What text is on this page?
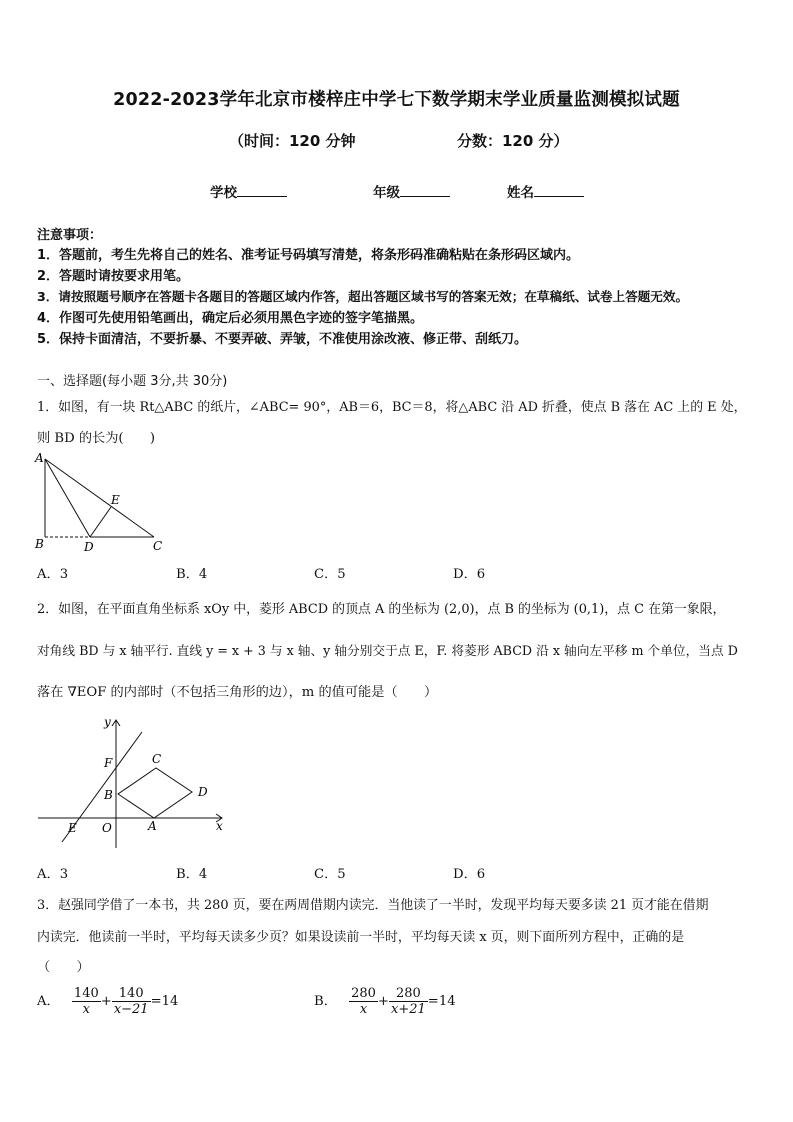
2022-2023学年北京市楼梓庄中学七下数学期末学业质量监测模拟试题
（时间：120 分钟	分数：120 分）
学校	年级	姓名
注意事项：
1．答题前，考生先将自己的姓名、准考证号码填写清楚，将条形码准确粘贴在条形码区域内。
2．答题时请按要求用笔。
3．请按照题号顺序在答题卡各题目的答题区域内作答，超出答题区域书写的答案无效；在草稿纸、试卷上答题无效。
4．作图可先使用铅笔画出，确定后必须用黑色字迹的签字笔描黑。
5．保持卡面清洁，不要折暴、不要弄破、弄皱，不准使用涂改液、修正带、刮纸刀。
一、选择题(每小题 3分,共 30分)
1．如图，有一块 Rt△ABC 的纸片，∠ABC= 90°，AB＝6，BC＝8，将△ABC 沿 AD 折叠，使点 B 落在 AC 上的 E 处，
则 BD 的长为(　　)
A
B	D	C
E
A．3	B．4	C．5	D．6
2．如图，在平面直角坐标系 xOy 中，菱形 ABCD 的顶点 A 的坐标为 (2,0)，点 B 的坐标为 (0,1)，点 C 在第一象限，
对角线 BD 与 x 轴平行. 直线 y = x + 3 与 x 轴、y 轴分别交于点 E，F. 将菱形 ABCD 沿 x 轴向左平移 m 个单位，当点 D
落在 ∇EOF 的内部时（不包括三角形的边），m 的值可能是（　　）
y
x
F	C
B	D
E O	A
A．3	B．4	C．5	D．6
3．赵强同学借了一本书，共 280 页，要在两周借期内读完．当他读了一半时，发现平均每天要多读 21 页才能在借期
内读完．他读前一半时，平均每天读多少页？如果设读前一半时，平均每天读 x 页，则下面所列方程中，正确的是
（　　）
A． $\frac{140}{x} + \frac{140}{x-21} =14$	B． $\frac{280}{x} + \frac{280}{x+21} =14$
